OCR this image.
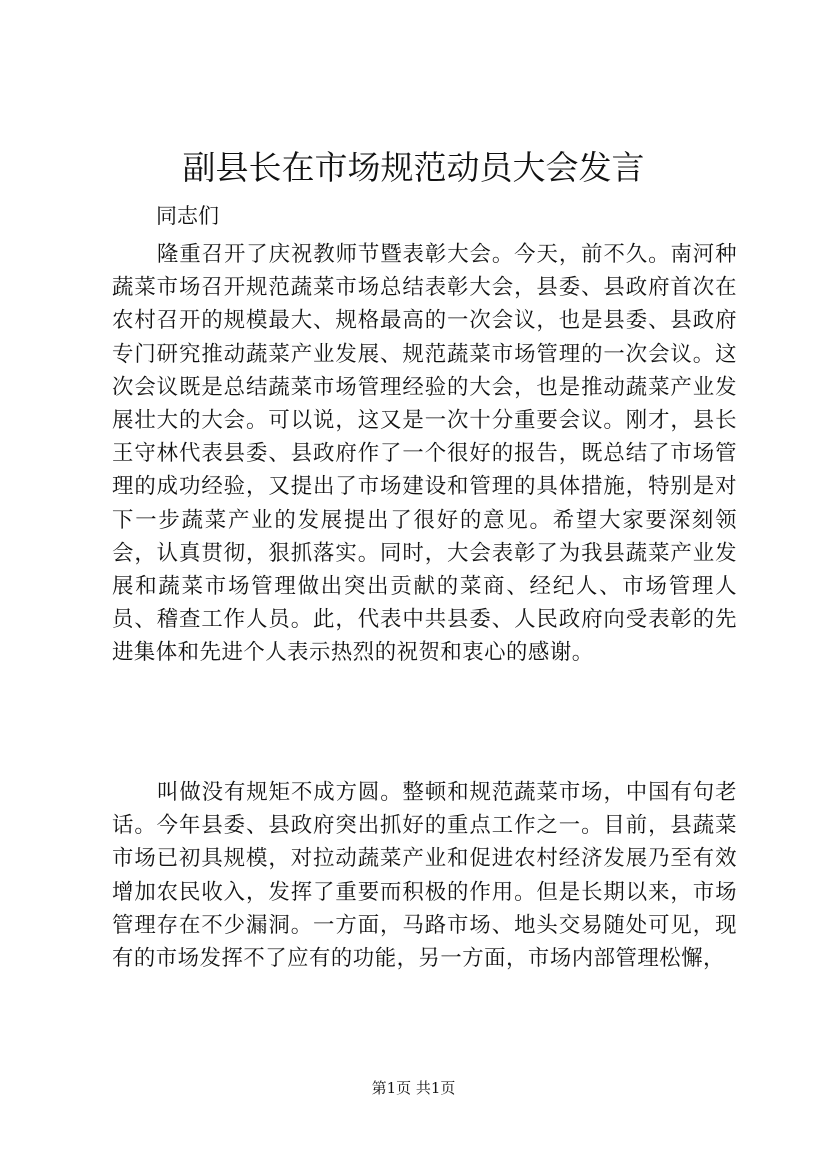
副县长在市场规范动员大会发言
同志们

隆重召开了庆祝教师节暨表彰大会。今天，前不久。南河种蔬菜市场召开规范蔬菜市场总结表彰大会，县委、县政府首次在农村召开的规模最大、规格最高的一次会议，也是县委、县政府专门研究推动蔬菜产业发展、规范蔬菜市场管理的一次会议。这次会议既是总结蔬菜市场管理经验的大会，也是推动蔬菜产业发展壮大的大会。可以说，这又是一次十分重要会议。刚才，县长王守林代表县委、县政府作了一个很好的报告，既总结了市场管理的成功经验，又提出了市场建设和管理的具体措施，特别是对下一步蔬菜产业的发展提出了很好的意见。希望大家要深刻领会，认真贯彻，狠抓落实。同时，大会表彰了为我县蔬菜产业发展和蔬菜市场管理做出突出贡献的菜商、经纪人、市场管理人员、稽查工作人员。此，代表中共县委、人民政府向受表彰的先进集体和先进个人表示热烈的祝贺和衷心的感谢。

叫做没有规矩不成方圆。整顿和规范蔬菜市场，中国有句老话。今年县委、县政府突出抓好的重点工作之一。目前，县蔬菜市场已初具规模，对拉动蔬菜产业和促进农村经济发展乃至有效增加农民收入，发挥了重要而积极的作用。但是长期以来，市场管理存在不少漏洞。一方面，马路市场、地头交易随处可见，现有的市场发挥不了应有的功能，另一方面，市场内部管理松懈，

第1页 共1页
